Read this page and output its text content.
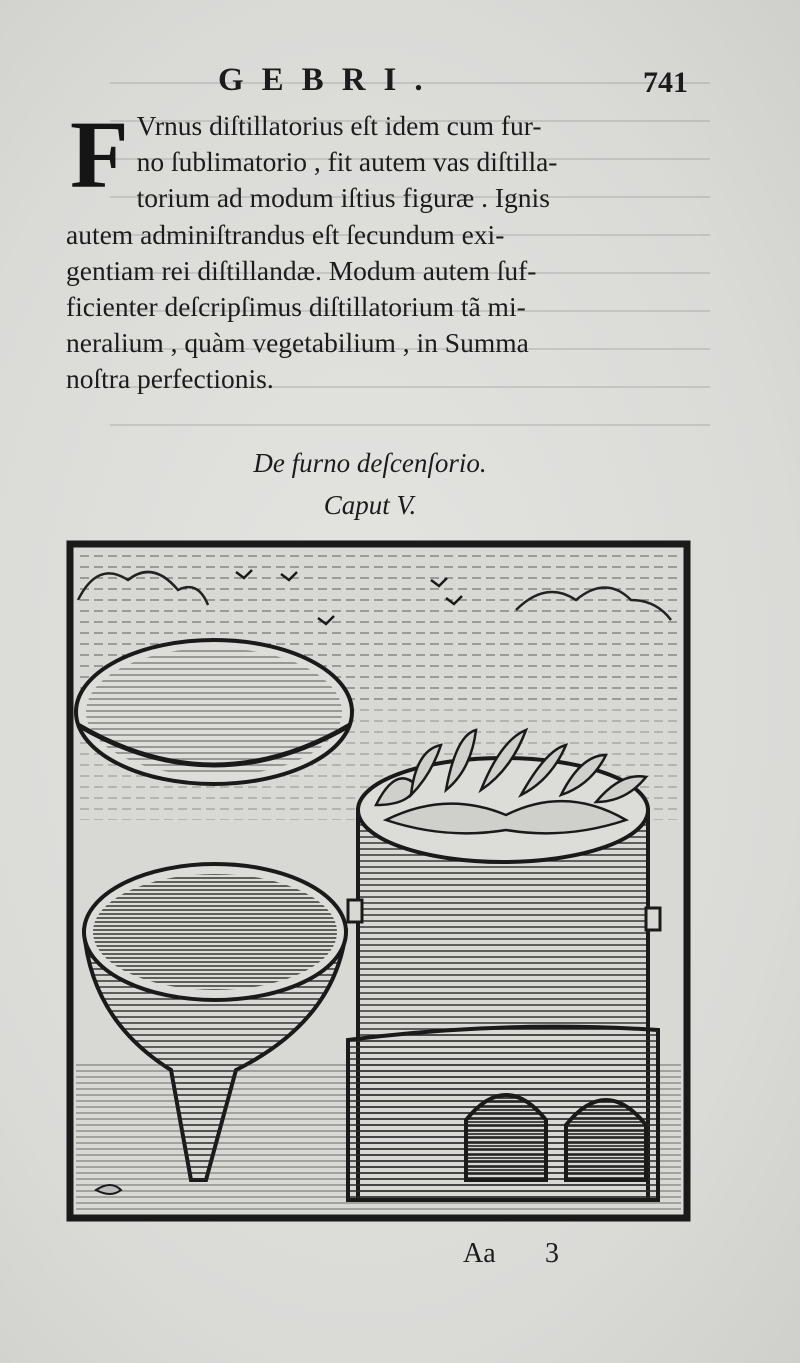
GEBRI.	741
F Vrnus diſtillatorius eſt idem cum fur-
no ſublimatorio , fit autem vas diſtilla-
torium ad modum iſtius figuræ . Ignis
autem adminiſtrandus eſt ſecundum exi-
gentiam rei diſtillandæ. Modum autem ſuf-
ficienter deſcripſimus diſtillatorium tã mi-
neralium , quàm vegetabilium , in Summa
noſtra perfectionis.
De furno deſcenſorio.
Caput V.
Aa 3
